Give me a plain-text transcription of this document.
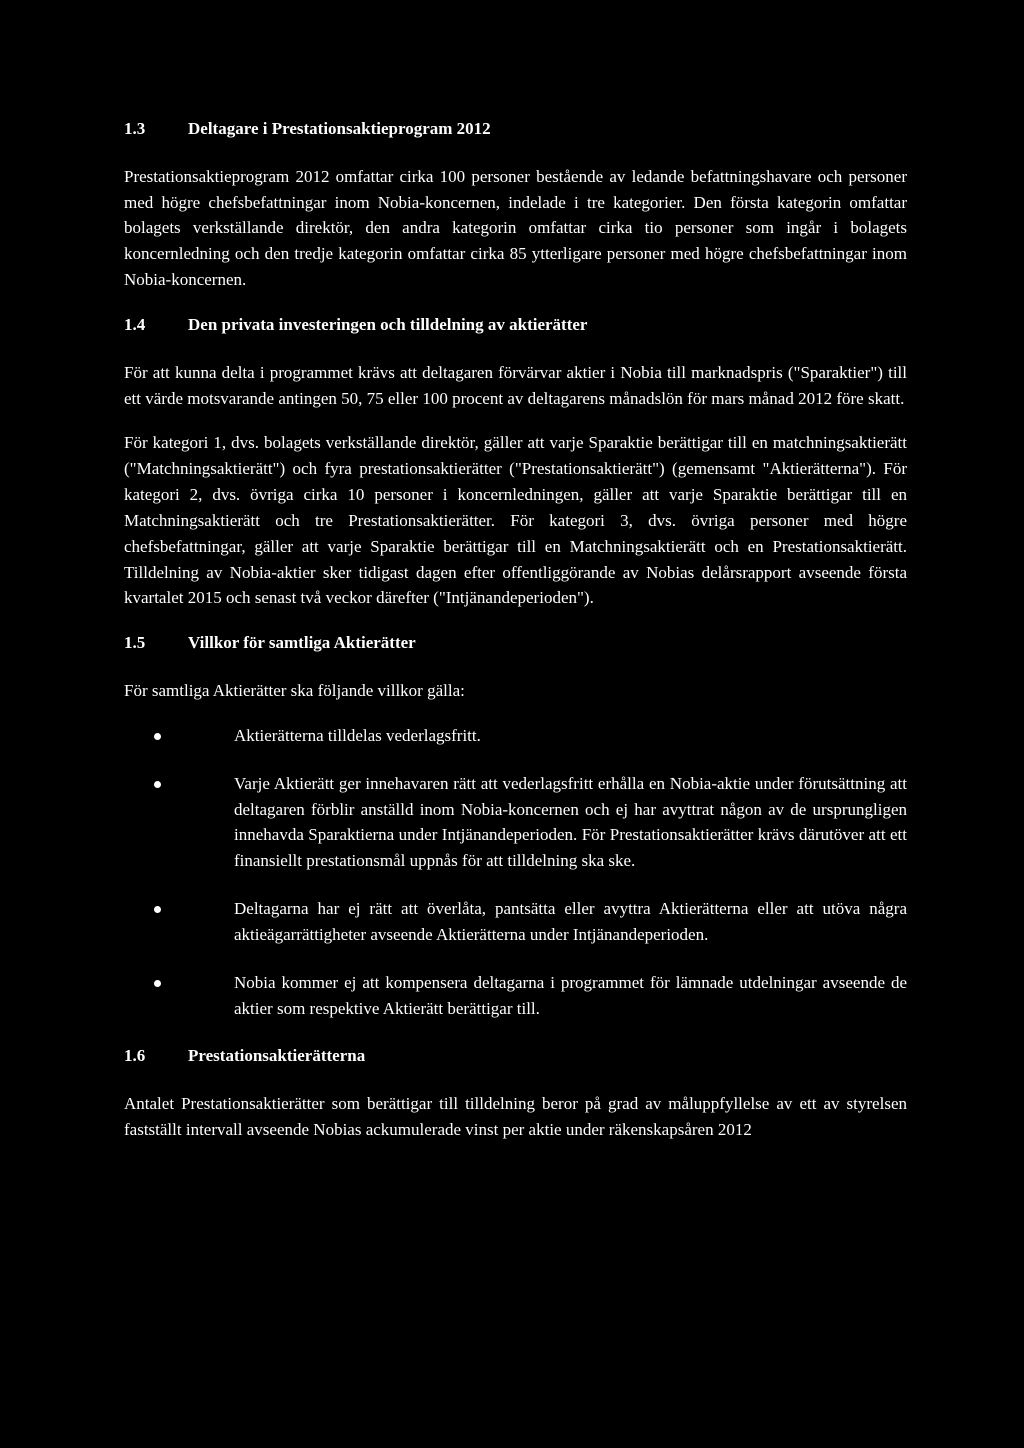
1.3	Deltagare i Prestationsaktieprogram 2012

Prestationsaktieprogram 2012 omfattar cirka 100 personer bestående av ledande befattningshavare och personer med högre chefsbefattningar inom Nobia-koncernen, indelade i tre kategorier. Den första kategorin omfattar bolagets verkställande direktör, den andra kategorin omfattar cirka tio personer som ingår i bolagets koncernledning och den tredje kategorin omfattar cirka 85 ytterligare personer med högre chefsbefattningar inom Nobia-koncernen.

1.4	Den privata investeringen och tilldelning av aktierätter

För att kunna delta i programmet krävs att deltagaren förvärvar aktier i Nobia till marknadspris ("Sparaktier") till ett värde motsvarande antingen 50, 75 eller 100 procent av deltagarens månadslön för mars månad 2012 före skatt.

För kategori 1, dvs. bolagets verkställande direktör, gäller att varje Sparaktie berättigar till en matchningsaktierätt ("Matchningsaktierätt") och fyra prestationsaktierätter ("Prestationsaktierätt") (gemensamt "Aktierätterna"). För kategori 2, dvs. övriga cirka 10 personer i koncernledningen, gäller att varje Sparaktie berättigar till en Matchningsaktierätt och tre Prestationsaktierätter. För kategori 3, dvs. övriga personer med högre chefsbefattningar, gäller att varje Sparaktie berättigar till en Matchningsaktierätt och en Prestationsaktierätt. Tilldelning av Nobia-aktier sker tidigast dagen efter offentliggörande av Nobias delårsrapport avseende första kvartalet 2015 och senast två veckor därefter ("Intjänandeperioden").

1.5	Villkor för samtliga Aktierätter

För samtliga Aktierätter ska följande villkor gälla:

Aktierätterna tilldelas vederlagsfritt.
Varje Aktierätt ger innehavaren rätt att vederlagsfritt erhålla en Nobia-aktie under förutsättning att deltagaren förblir anställd inom Nobia-koncernen och ej har avyttrat någon av de ursprungligen innehavda Sparaktierna under Intjänandeperioden. För Prestationsaktierätter krävs därutöver att ett finansiellt prestationsmål uppnås för att tilldelning ska ske.
Deltagarna har ej rätt att överlåta, pantsätta eller avyttra Aktierätterna eller att utöva några aktieägarrättigheter avseende Aktierätterna under Intjänandeperioden.
Nobia kommer ej att kompensera deltagarna i programmet för lämnade utdelningar avseende de aktier som respektive Aktierätt berättigar till.
1.6	Prestationsaktierätterna

Antalet Prestationsaktierätter som berättigar till tilldelning beror på grad av måluppfyllelse av ett av styrelsen fastställt intervall avseende Nobias ackumulerade vinst per aktie under räkenskapsåren 2012
